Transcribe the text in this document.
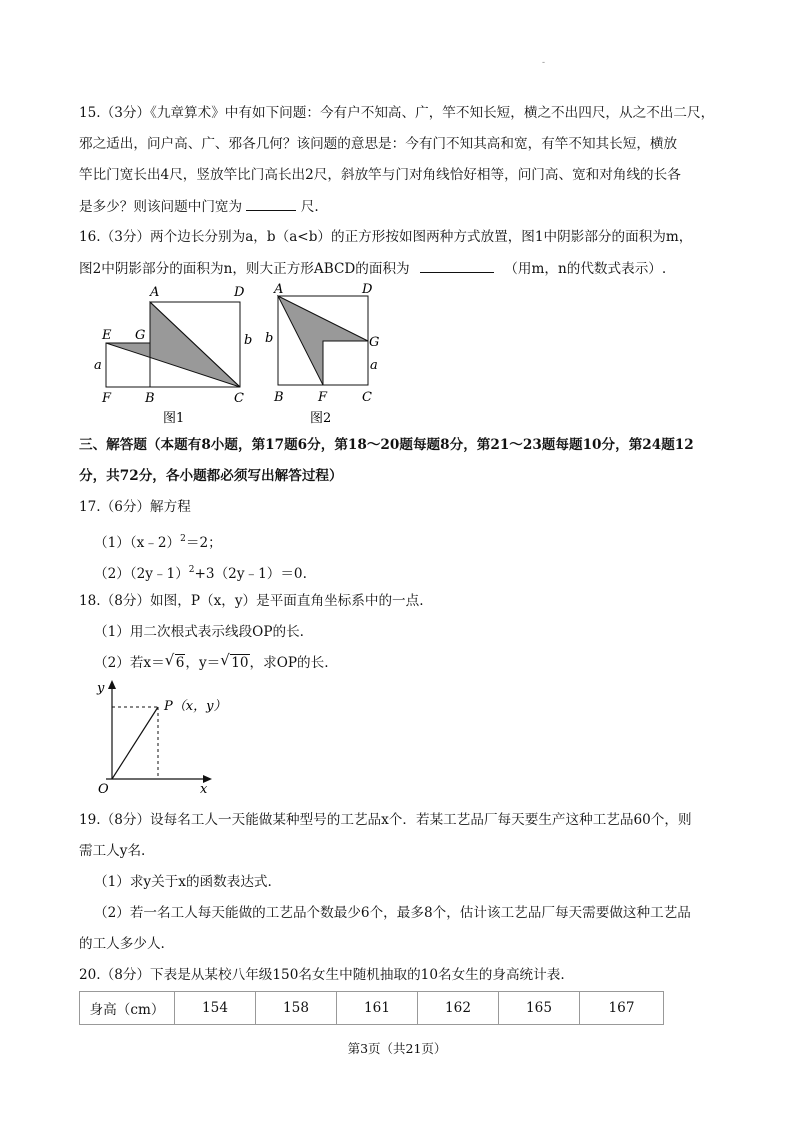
-
15.（3分）《九章算术》中有如下问题：今有户不知高、广，竿不知长短，横之不出四尺，从之不出二尺，
邪之适出，问户高、广、邪各几何？该问题的意思是：今有门不知其高和宽，有竿不知其长短，横放
竿比门宽长出4尺，竖放竿比门高长出2尺，斜放竿与门对角线恰好相等，问门高、宽和对角线的长各
是多少？则该问题中门宽为	尺.
16.（3分）两个边长分别为a，b（a<b）的正方形按如图两种方式放置，图1中阴影部分的面积为m，
图2中阴影部分的面积为n，则大正方形ABCD的面积为	（用m，n的代数式表示）.
A	D
E G
a
b
F	B	C
图1
A	D
b	G
a
B	F	C
图2
三、解答题（本题有8小题，第17题6分，第18～20题每题8分，第21～23题每题10分，第24题12
分，共72分，各小题都必须写出解答过程）
17.（6分）解方程
（1）（x﹣2）$^2$＝2；
（2）（2y﹣1）$^2$+3（2y﹣1）＝0.
18.（8分）如图，P（x，y）是平面直角坐标系中的一点.
（1）用二次根式表示线段OP的长.
（2）若x＝ √ 6，y＝ √ 10，求OP的长.
y
P（x，y）
O	x
19.（8分）设每名工人一天能做某种型号的工艺品x个．若某工艺品厂每天要生产这种工艺品60个，则
需工人y名.
（1）求y关于x的函数表达式.
（2）若一名工人每天能做的工艺品个数最少6个，最多8个，估计该工艺品厂每天需要做这种工艺品
的工人多少人.
20.（8分）下表是从某校八年级150名女生中随机抽取的10名女生的身高统计表.
身高（cm）	154	158	161	162	165	167
第3页（共21页）
